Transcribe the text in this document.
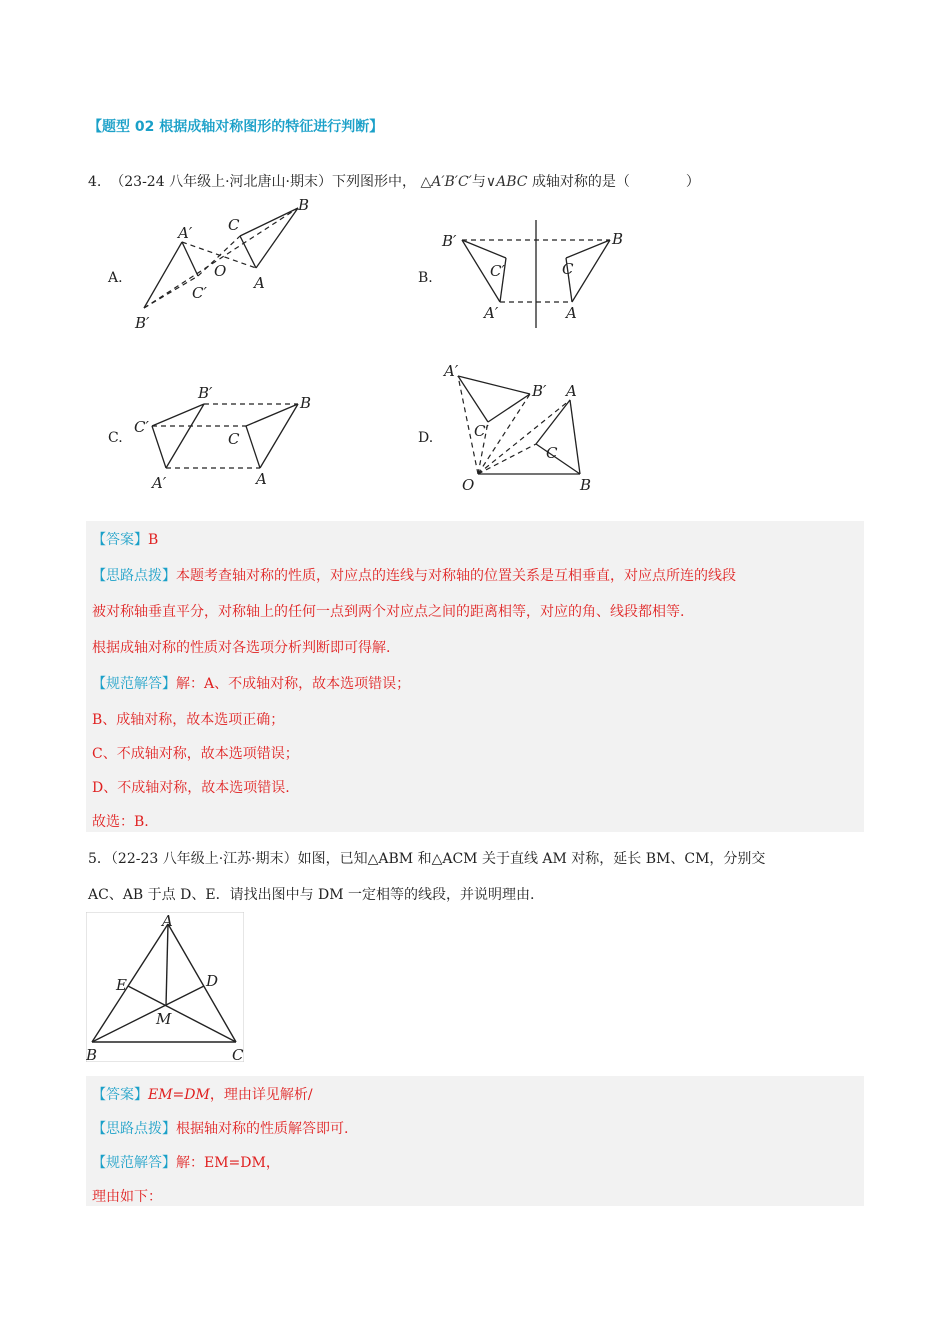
【题型 02 根据成轴对称图形的特征进行判断】
4. （23-24 八年级上·河北唐山·期末）下列图形中， △A′B′C′与∨ABC 成轴对称的是（　　　　）
A.
A′
B′
C′
O
A
B
C
B.
B′
C′
A′
B
C
A
C.
C′
B′
A′
B
C
A
D.
A′
B′
C′
O
A
B
C
【答案】B
【思路点拨】本题考查轴对称的性质，对应点的连线与对称轴的位置关系是互相垂直，对应点所连的线段
被对称轴垂直平分，对称轴上的任何一点到两个对应点之间的距离相等，对应的角、线段都相等.
根据成轴对称的性质对各选项分析判断即可得解.
【规范解答】解：A、不成轴对称，故本选项错误；
B、成轴对称，故本选项正确；
C、不成轴对称，故本选项错误；
D、不成轴对称，故本选项错误.
故选：B.
5．（22-23 八年级上·江苏·期末）如图，已知△ABM 和△ACM 关于直线 AM 对称，延长 BM、CM，分别交
AC、AB 于点 D、E．请找出图中与 DM 一定相等的线段，并说明理由.
A
E	D
M
B	C
【答案】EM=DM，理由详见解析/
【思路点拨】根据轴对称的性质解答即可.
【规范解答】解：EM=DM，
理由如下：
